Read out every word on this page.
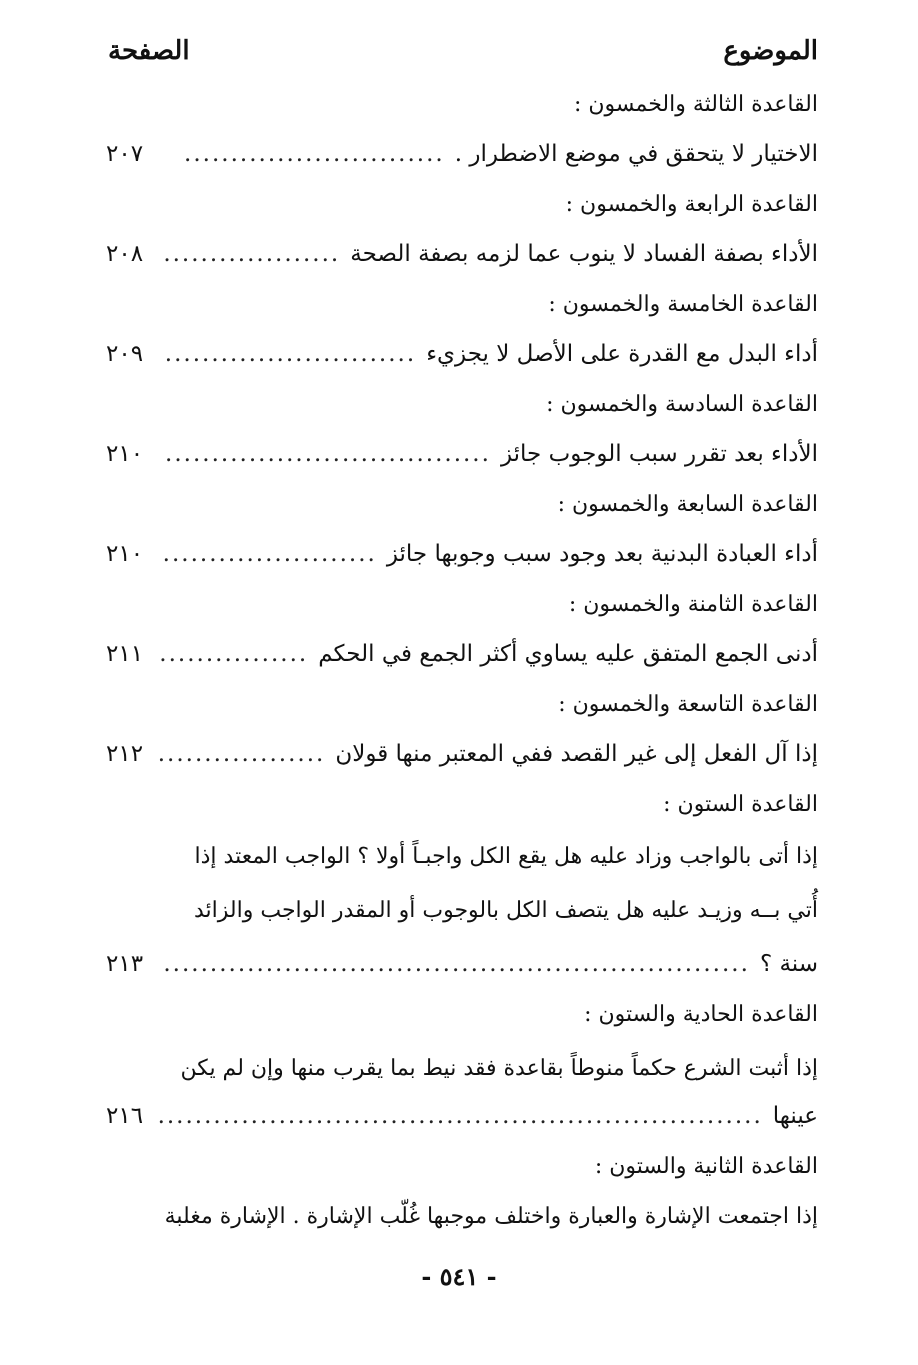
الموضوع
الصفحة
القاعدة الثالثة والخمسون :
الاختيار لا يتحقق في موضع الاضطرار .
............................
٢٠٧
القاعدة الرابعة والخمسون :
الأداء بصفة الفساد لا ينوب عما لزمه بصفة الصحة
...................
٢٠٨
القاعدة الخامسة والخمسون :
أداء البدل مع القدرة على الأصل لا يجزيء
...........................
٢٠٩
القاعدة السادسة والخمسون :
الأداء بعد تقرر سبب الوجوب جائز
...................................
٢١٠
القاعدة السابعة والخمسون :
أداء العبادة البدنية بعد وجود سبب وجوبها جائز
.......................
٢١٠
القاعدة الثامنة والخمسون :
أدنى الجمع المتفق عليه يساوي أكثر الجمع في الحكم
................
٢١١
القاعدة التاسعة والخمسون :
إذا آل الفعل إلى غير القصد ففي المعتبر منها قولان
..................
٢١٢
القاعدة الستون :
إذا أتى بالواجب وزاد عليه هل يقع الكل واجبـاً أولا ؟ الواجب المعتد إذا
أُتي بــه وزيـد عليه هل يتصف الكل بالوجوب أو المقدر الواجب والزائد
سنة ؟
...............................................................
٢١٣
القاعدة الحادية والستون :
إذا أثبت الشرع حكماً منوطاً بقاعدة فقد نيط بما يقرب منها وإن لم يكن
عينها
.................................................................
٢١٦
القاعدة الثانية والستون :
إذا اجتمعت الإشارة والعبارة واختلف موجبها غُلّب الإشارة . الإشارة مغلبة
- ٥٤١ -
